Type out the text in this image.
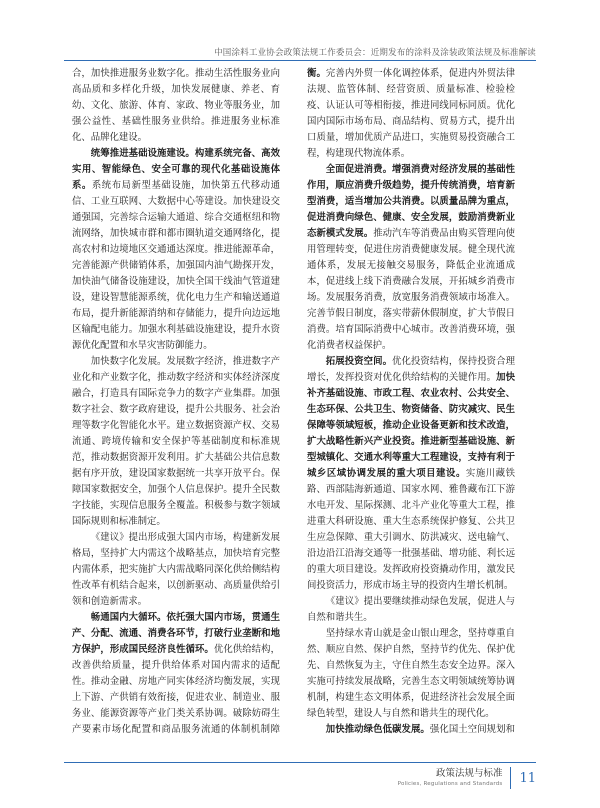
中国涂料工业协会政策法规工作委员会：近期发布的涂料及涂装政策法规及标准解读

合，加快推进服务业数字化。推动生活性服务业向高品质和多样化升级，加快发展健康、养老、育幼、文化、旅游、体育、家政、物业等服务业，加强公益性、基础性服务业供给。推进服务业标准化、品牌化建设。

统筹推进基础设施建设。构建系统完备、高效实用、智能绿色、安全可靠的现代化基础设施体系。系统布局新型基础设施，加快第五代移动通信、工业互联网、大数据中心等建设。加快建设交通强国，完善综合运输大通道、综合交通枢纽和物流网络，加快城市群和都市圈轨道交通网络化，提高农村和边境地区交通通达深度。推进能源革命，完善能源产供储销体系，加强国内油气勘探开发，加快油气储备设施建设，加快全国干线油气管道建设，建设智慧能源系统，优化电力生产和输送通道布局，提升新能源消纳和存储能力，提升向边远地区输配电能力。加强水利基础设施建设，提升水资源优化配置和水旱灾害防御能力。

加快数字化发展。发展数字经济，推进数字产业化和产业数字化，推动数字经济和实体经济深度融合，打造具有国际竞争力的数字产业集群。加强数字社会、数字政府建设，提升公共服务、社会治理等数字化智能化水平。建立数据资源产权、交易流通、跨境传输和安全保护等基础制度和标准规范，推动数据资源开发利用。扩大基础公共信息数据有序开放，建设国家数据统一共享开放平台。保障国家数据安全，加强个人信息保护。提升全民数字技能，实现信息服务全覆盖。积极参与数字领域国际规则和标准制定。

《建议》提出形成强大国内市场，构建新发展格局，坚持扩大内需这个战略基点，加快培育完整内需体系，把实施扩大内需战略同深化供给侧结构性改革有机结合起来，以创新驱动、高质量供给引领和创造新需求。

畅通国内大循环。依托强大国内市场，贯通生产、分配、流通、消费各环节，打破行业垄断和地方保护，形成国民经济良性循环。优化供给结构，改善供给质量，提升供给体系对国内需求的适配性。推动金融、房地产同实体经济均衡发展，实现上下游、产供销有效衔接，促进农业、制造业、服务业、能源资源等产业门类关系协调。破除妨碍生产要素市场化配置和商品服务流通的体制机制障

衡。完善内外贸一体化调控体系，促进内外贸法律法规、监管体制、经营资质、质量标准、检验检疫、认证认可等相衔接，推进同线同标同质。优化国内国际市场布局、商品结构、贸易方式，提升出口质量，增加优质产品进口，实施贸易投资融合工程，构建现代物流体系。

全面促进消费。增强消费对经济发展的基础性作用，顺应消费升级趋势，提升传统消费，培育新型消费，适当增加公共消费。以质量品牌为重点，促进消费向绿色、健康、安全发展，鼓励消费新业态新模式发展。推动汽车等消费品由购买管理向使用管理转变，促进住房消费健康发展。健全现代流通体系，发展无接触交易服务，降低企业流通成本，促进线上线下消费融合发展，开拓城乡消费市场。发展服务消费，放宽服务消费领域市场准入。完善节假日制度，落实带薪休假制度，扩大节假日消费。培育国际消费中心城市。改善消费环境，强化消费者权益保护。

拓展投资空间。优化投资结构，保持投资合理增长，发挥投资对优化供给结构的关键作用。加快补齐基础设施、市政工程、农业农村、公共安全、生态环保、公共卫生、物资储备、防灾减灾、民生保障等领域短板，推动企业设备更新和技术改造，扩大战略性新兴产业投资。推进新型基础设施、新型城镇化、交通水利等重大工程建设，支持有利于城乡区域协调发展的重大项目建设。实施川藏铁路、西部陆海新通道、国家水网、雅鲁藏布江下游水电开发、星际探测、北斗产业化等重大工程，推进重大科研设施、重大生态系统保护修复、公共卫生应急保障、重大引调水、防洪减灾、送电输气、沿边沿江沿海交通等一批强基础、增功能、利长远的重大项目建设。发挥政府投资撬动作用，激发民间投资活力，形成市场主导的投资内生增长机制。

《建议》提出要继续推动绿色发展，促进人与自然和谐共生。

坚持绿水青山就是金山银山理念，坚持尊重自然、顺应自然、保护自然，坚持节约优先、保护优先、自然恢复为主，守住自然生态安全边界。深入实施可持续发展战略，完善生态文明领域统筹协调机制，构建生态文明体系，促进经济社会发展全面绿色转型，建设人与自然和谐共生的现代化。

加快推动绿色低碳发展。强化国土空间规划和

政策法规与标准
Policies, Regulations and Standards 11
